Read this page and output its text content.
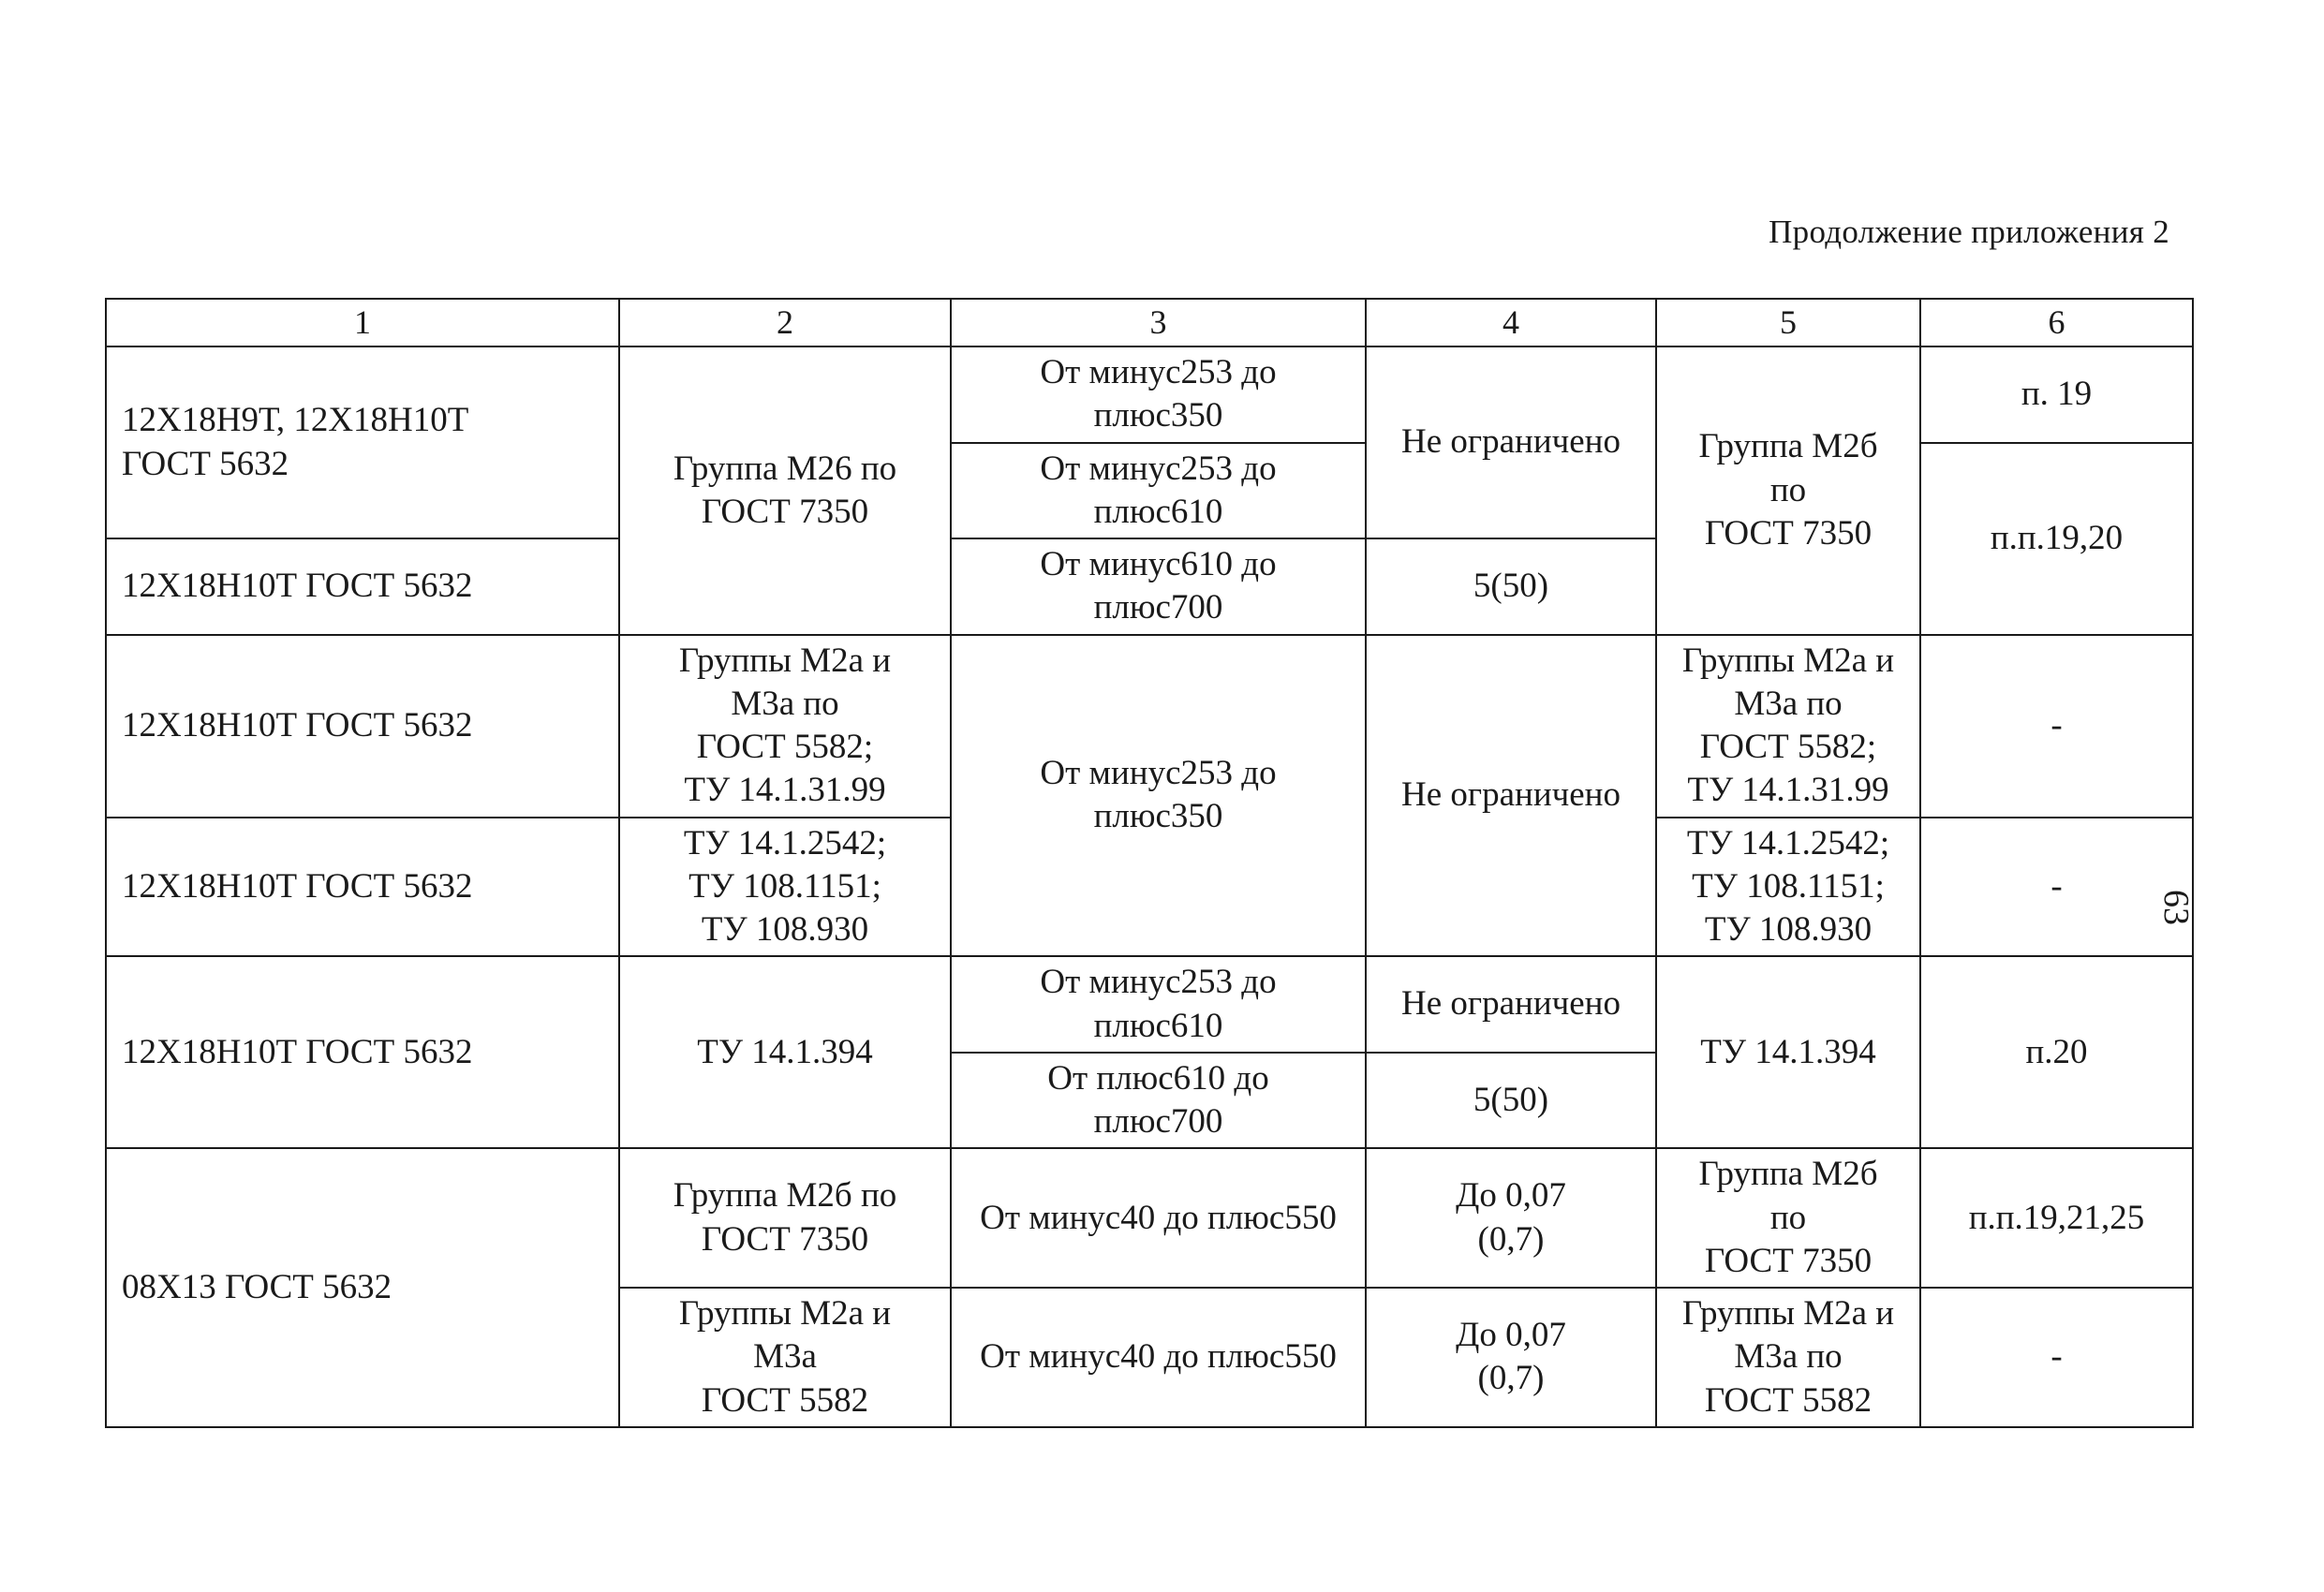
Продолжение приложения 2
63
1	2	3	4	5	6

12Х18Н9Т, 12Х18Н10Т
ГОСТ 5632	Группа М26 по
ГОСТ 7350	От минус253 до
плюс350	Не ограничено	Группа М2б
по
ГОСТ 7350	п. 19

		От минус253 до
плюс610			п.п.19,20
12Х18Н10Т ГОСТ 5632		От минус610 до
плюс700	5(50)		
12Х18Н10Т ГОСТ 5632	Группы М2а и
М3а по
ГОСТ 5582;
ТУ 14.1.31.99	От минус253 до
плюс350	Не ограничено	Группы М2а и
М3а по
ГОСТ 5582;
ТУ 14.1.31.99	-
12Х18Н10Т ГОСТ 5632	ТУ 14.1.2542;
ТУ 108.1151;
ТУ 108.930			ТУ 14.1.2542;
ТУ 108.1151;
ТУ 108.930	-
12Х18Н10Т ГОСТ 5632	ТУ 14.1.394	От минус253 до
плюс610	Не ограничено	ТУ 14.1.394	п.20

		От плюс610 до
плюс700	5(50)		
08Х13 ГОСТ 5632	Группа М2б по
ГОСТ 7350	От минус40 до плюс550	До 0,07
(0,7)	Группа М2б
по
ГОСТ 7350	п.п.19,21,25

	Группы М2а и
М3а
ГОСТ 5582	От минус40 до плюс550	До 0,07
(0,7)	Группы М2а и
М3а по
ГОСТ 5582	-
